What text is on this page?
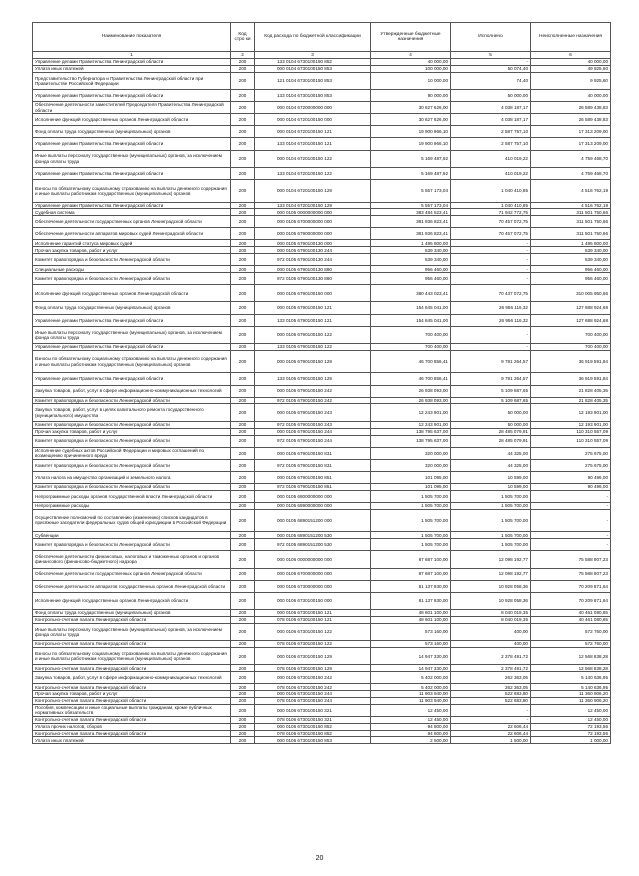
Наименование показателя	Код стро ки	Код расхода по бюджетной классификации	Утвержденные бюджетные назначения	Исполнено	Неисполненные назначения
1	2	3	4	5	6
Управление делами Правительства Ленинградской области	200	133 0104 6730100150 852	40 000,00	-	40 000,00
Уплата иных платежей	200	000 0104 6730100150 853	100 000,00	50 074,40	49 925,60
Представительство Губернатора и Правительства Ленинградской области при Правительстве Российской Федерации	200	121 0104 6730100150 853	10 000,00	74,40	9 925,60
Управление делами Правительства Ленинградской области	200	133 0104 6730100150 853	90 000,00	50 000,00	40 000,00
Обеспечение деятельности заместителей Председателя Правительства Ленинградской области	200	000 0104 6720000000 000	30 627 626,00	4 038 187,17	26 589 438,83
Исполнение функций государственных органов Ленинградской области	200	000 0104 6720100150 000	30 627 626,00	4 038 187,17	26 589 438,83
Фонд оплаты труда государственных (муниципальных) органов	200	000 0104 6720100150 121	19 900 966,10	2 587 757,10	17 313 209,00
Управление делами Правительства Ленинградской области	200	133 0104 6720100150 121	19 900 966,10	2 587 757,10	17 313 209,00
Иные выплаты персоналу государственных (муниципальных) органов, за исключением фонда оплаты труда	200	000 0104 6720100150 122	5 169 487,92	410 019,22	4 759 468,70
Управление делами Правительства Ленинградской области	200	133 0104 6720100150 122	5 169 487,92	410 019,22	4 759 468,70
Взносы по обязательному социальному страхованию на выплаты денежного содержания и иные выплаты работникам государственных (муниципальных) органов	200	000 0104 6720100150 129	5 557 173,04	1 040 410,85	4 516 762,19
Управление делами Правительства Ленинградской области	200	133 0104 6720100150 129	5 557 173,04	1 040 410,85	4 516 762,19
Судебная система	200	000 0105 0000000000 000	383 484 523,41	71 942 772,75	311 501 750,66
Обеспечение деятельности государственных органов Ленинградской области	200	000 0105 6700000000 000	381 936 823,41	70 457 072,75	311 501 750,66
Обеспечение деятельности аппаратов мировых судей Ленинградской области	200	000 0105 6790000000 000	381 936 823,41	70 457 072,75	311 501 750,66
Исполнение гарантий статуса мировых судей	200	000 0105 6790100130 000	1 495 800,00	-	1 495 800,00
Прочая закупка товаров, работ и услуг	200	000 0105 6790100130 244	539 340,00	-	539 340,00
Комитет правопорядка и безопасности Ленинградской области	200	972 0105 6790100130 244	539 340,00	-	539 340,00
Специальные расходы	200	000 0105 6790100130 880	956 460,00	-	956 460,00
Комитет правопорядка и безопасности Ленинградской области	200	972 0105 6790100130 880	956 460,00	-	956 460,00
Исполнение функций государственных органов Ленинградской области	200	000 0105 6790100150 000	380 443 023,41	70 437 072,75	310 005 950,66
Фонд оплаты труда государственных (муниципальных) органов	200	000 0105 6790100150 121	154 645 041,00	26 956 116,32	127 688 924,68
Управление делами Правительства Ленинградской области	200	133 0105 6790100150 121	154 645 041,00	26 956 116,32	127 688 924,68
Иные выплаты персоналу государственных (муниципальных) органов, за исключением фонда оплаты труда	200	000 0105 6790100150 122	700 400,00	-	700 400,00
Управление делами Правительства Ленинградской области	200	133 0105 6790100150 122	700 400,00	-	700 400,00
Взносы по обязательному социальному страхованию на выплаты денежного содержания и иные выплаты работникам государственных (муниципальных) органов	200	000 0105 6790100150 129	46 700 856,41	9 781 264,57	36 919 591,84
Управление делами Правительства Ленинградской области	200	133 0105 6790100150 129	46 700 856,41	9 781 264,57	36 919 591,84
Закупка товаров, работ, услуг в сфере информационно-коммуникационных технологий	200	000 0105 6790100150 242	26 938 093,00	5 109 687,65	21 828 405,35
Комитет правопорядка и безопасности Ленинградской области	200	972 0105 6790100150 242	26 938 093,00	5 109 687,65	21 828 405,35
Закупка товаров, работ, услуг в целях капитального ремонта государственного (муниципального) имущества	200	000 0105 6790100150 243	12 243 901,00	50 000,00	12 193 901,00
Комитет правопорядка и безопасности Ленинградской области	200	972 0105 6790100150 243	12 243 901,00	50 000,00	12 193 901,00
Прочая закупка товаров, работ и услуг	200	000 0105 6790100150 244	138 795 637,00	28 485 079,91	110 310 557,09
Комитет правопорядка и безопасности Ленинградской области	200	972 0105 6790100150 244	138 795 637,00	28 485 079,91	110 310 557,09
Исполнение судебных актов Российской Федерации и мировых соглашений по возмещению причиненного вреда	200	000 0105 6790100150 831	320 000,00	44 325,00	275 675,00
Комитет правопорядка и безопасности Ленинградской области	200	972 0105 6790100150 831	320 000,00	44 325,00	275 675,00
Уплата налога на имущество организаций и земельного налога	200	000 0105 6790100150 851	101 095,00	10 599,00	90 496,00
Комитет правопорядка и безопасности Ленинградской области	200	972 0105 6790100150 851	101 095,00	10 599,00	90 496,00
Непрограммные расходы органов государственной власти Ленинградской области	200	000 0105 6800000000 000	1 505 700,00	1 505 700,00	-
Непрограммные расходы	200	000 0105 6890000000 000	1 505 700,00	1 505 700,00	-
Осуществление полномочий по составлению (изменению) списков кандидатов в присяжные заседатели федеральных судов общей юрисдикции в Российской Федерации	200	000 0105 6890151200 000	1 505 700,00	1 505 700,00	-
Субвенции	200	000 0105 6890151200 530	1 505 700,00	1 505 700,00	-
Комитет правопорядка и безопасности Ленинградской области	200	972 0105 6890151200 530	1 505 700,00	1 505 700,00	-
Обеспечение деятельности финансовых, налоговых и таможенных органов и органов финансового (финансово-бюджетного) надзора	200	000 0106 0000000000 000	87 687 100,00	12 098 192,77	75 588 907,23
Обеспечение деятельности государственных органов Ленинградской области	200	000 0106 6700000000 000	87 687 100,00	12 098 192,77	75 588 907,23
Обеспечение деятельности аппаратов государственных органов Ленинградской области	200	000 0106 6730000000 000	81 137 930,00	10 928 058,36	70 209 871,64
Исполнение функций государственных органов Ленинградской области	200	000 0106 6730100150 000	81 137 930,00	10 928 058,36	70 209 871,64
Фонд оплаты труда государственных (муниципальных) органов	200	000 0106 6730100150 121	48 601 100,00	8 040 019,35	40 461 080,65
Контрольно-счетная палата Ленинградской области	200	078 0106 6730100150 121	48 601 100,00	8 040 019,35	40 461 080,65
Иные выплаты персоналу государственных (муниципальных) органов, за исключением фонда оплаты труда	200	000 0106 6730100150 122	573 160,00	400,00	572 760,00
Контрольно-счетная палата Ленинградской области	200	078 0106 6730100150 122	573 160,00	400,00	572 760,00
Взносы по обязательному социальному страхованию на выплаты денежного содержания и иные выплаты работникам государственных (муниципальных) органов	200	000 0106 6730100150 129	14 947 330,00	2 378 491,72	12 568 838,28
Контрольно-счетная палата Ленинградской области	200	078 0106 6730100150 129	14 947 330,00	2 378 491,72	12 568 838,28
Закупка товаров, работ, услуг в сфере информационно-коммуникационных технологий	200	000 0106 6730100150 242	5 402 000,00	262 363,05	5 140 636,95
Контрольно-счетная палата Ленинградской области	200	078 0106 6730100150 242	5 402 000,00	262 363,05	5 140 636,95
Прочая закупка товаров, работ и услуг	200	000 0106 6730100150 244	11 903 940,00	522 683,80	11 360 906,20
Контрольно-счетная палата Ленинградской области	200	078 0106 6730100150 244	11 903 940,00	522 683,80	11 360 906,20
Пособия, компенсации и иные социальные выплаты гражданам, кроме публичных нормативных обязательств	200	000 0106 6730100150 321	12 450,00	-	12 450,00
Контрольно-счетная палата Ленинградской области	200	078 0106 6730100150 321	12 450,00	-	12 450,00
Уплата прочих налогов, сборов	200	000 0106 6730100150 852	94 800,00	22 606,44	72 193,56
Контрольно-счетная палата Ленинградской области	200	078 0106 6730100150 852	94 800,00	22 606,44	72 193,56
Уплата иных платежей	200	000 0106 6730100150 853	2 500,00	1 500,00	1 000,00
20
